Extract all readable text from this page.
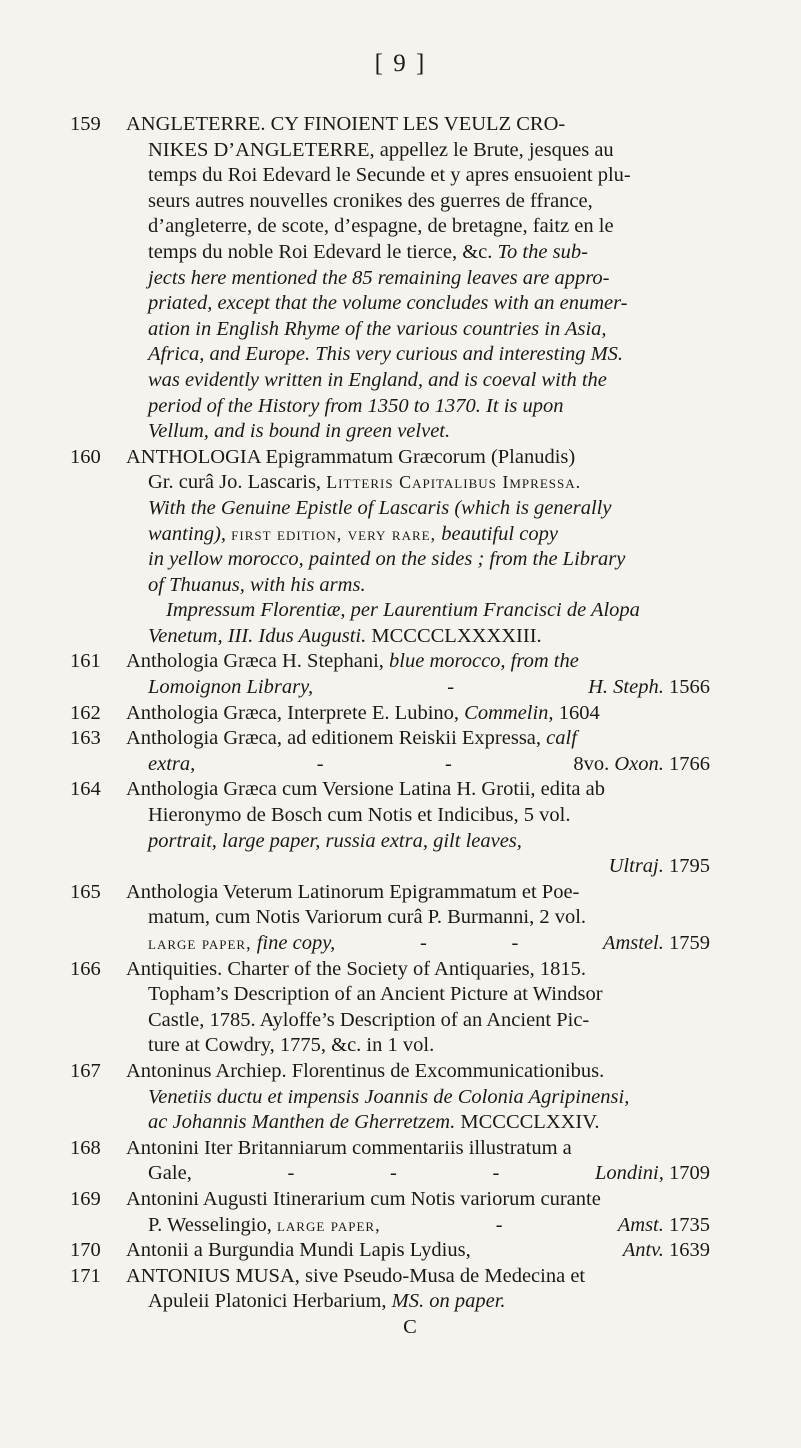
[ 9 ]
159	ANGLETERRE. CY FINOIENT LES VEULZ CRO-
NIKES D’ANGLETERRE, appellez le Brute, jesques au
temps du Roi Edevard le Secunde et y apres ensuoient plu-
seurs autres nouvelles cronikes des guerres de ffrance,
d’angleterre, de scote, d’espagne, de bretagne, faitz en le
temps du noble Roi Edevard le tierce, &c. To the sub-
jects here mentioned the 85 remaining leaves are appro-
priated, except that the volume concludes with an enumer-
ation in English Rhyme of the various countries in Asia,
Africa, and Europe. This very curious and interesting MS.
was evidently written in England, and is coeval with the
period of the History from 1350 to 1370. It is upon
Vellum, and is bound in green velvet.
160	ANTHOLOGIA Epigrammatum Græcorum (Planudis)
Gr. curâ Jo. Lascaris, Litteris Capitalibus Impressa.
With the Genuine Epistle of Lascaris (which is generally
wanting), first edition, very rare, beautiful copy
in yellow morocco, painted on the sides ; from the Library
of Thuanus, with his arms.
Impressum Florentiæ, per Laurentium Francisci de Alopa
Venetum, III. Idus Augusti. MCCCCLXXXXIII.
161	Anthologia Græca H. Stephani, blue morocco, from the
Lomoignon Library,	-	H. Steph. 1566
162	Anthologia Græca, Interprete E. Lubino, Commelin, 1604
163	Anthologia Græca, ad editionem Reiskii Expressa, calf
extra,	-	-	8vo. Oxon. 1766
164	Anthologia Græca cum Versione Latina H. Grotii, edita ab
Hieronymo de Bosch cum Notis et Indicibus, 5 vol.
portrait, large paper, russia extra, gilt leaves,
Ultraj. 1795
165	Anthologia Veterum Latinorum Epigrammatum et Poe-
matum, cum Notis Variorum curâ P. Burmanni, 2 vol.
large paper, fine copy,	-	-	Amstel. 1759
166	Antiquities. Charter of the Society of Antiquaries, 1815.
Topham’s Description of an Ancient Picture at Windsor
Castle, 1785. Ayloffe’s Description of an Ancient Pic-
ture at Cowdry, 1775, &c. in 1 vol.
167	Antoninus Archiep. Florentinus de Excommunicationibus.
Venetiis ductu et impensis Joannis de Colonia Agripinensi,
ac Johannis Manthen de Gherretzem. MCCCCLXXIV.
168	Antonini Iter Britanniarum commentariis illustratum a
Gale,	-	-	-	Londini, 1709
169	Antonini Augusti Itinerarium cum Notis variorum curante
P. Wesselingio, large paper,	-	Amst. 1735
170	Antonii a Burgundia Mundi Lapis Lydius,	Antv. 1639
171	ANTONIUS MUSA, sive Pseudo-Musa de Medecina et
Apuleii Platonici Herbarium, MS. on paper.
C
